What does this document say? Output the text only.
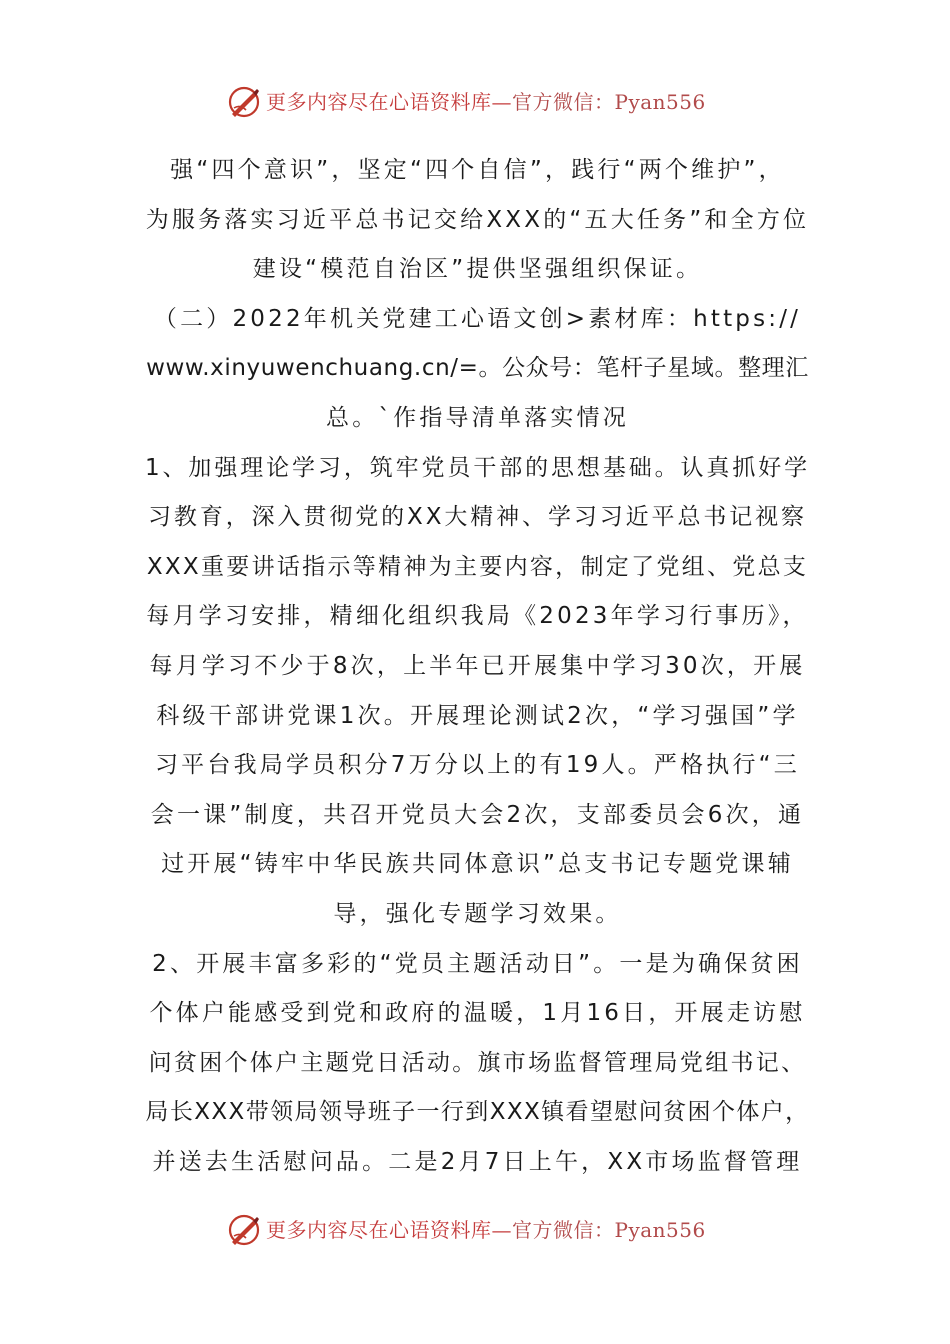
更多内容尽在心语资料库—官方微信：Pyan556
强“四个意识”，坚定“四个自信”，践行“两个维护”，
为服务落实习近平总书记交给XXX的“五大任务”和全方位
建设“模范自治区”提供坚强组织保证。
（二）2022年机关党建工心语文创>素材库：https://
www.xinyuwenchuang.cn/=。公众号：笔杆子星域。整理汇
总。`作指导清单落实情况
1、加强理论学习，筑牢党员干部的思想基础。认真抓好学
习教育，深入贯彻党的XX大精神、学习习近平总书记视察
XXX重要讲话指示等精神为主要内容，制定了党组、党总支
每月学习安排，精细化组织我局《2023年学习行事历》，
每月学习不少于8次，上半年已开展集中学习30次，开展
科级干部讲党课1次。开展理论测试2次，“学习强国”学
习平台我局学员积分7万分以上的有19人。严格执行“三
会一课”制度，共召开党员大会2次，支部委员会6次，通
过开展“铸牢中华民族共同体意识”总支书记专题党课辅
导，强化专题学习效果。
2、开展丰富多彩的“党员主题活动日”。一是为确保贫困
个体户能感受到党和政府的温暖，1月16日，开展走访慰
问贫困个体户主题党日活动。旗市场监督管理局党组书记、
局长XXX带领局领导班子一行到XXX镇看望慰问贫困个体户，
并送去生活慰问品。二是2月7日上午，XX市场监督管理
更多内容尽在心语资料库—官方微信：Pyan556
